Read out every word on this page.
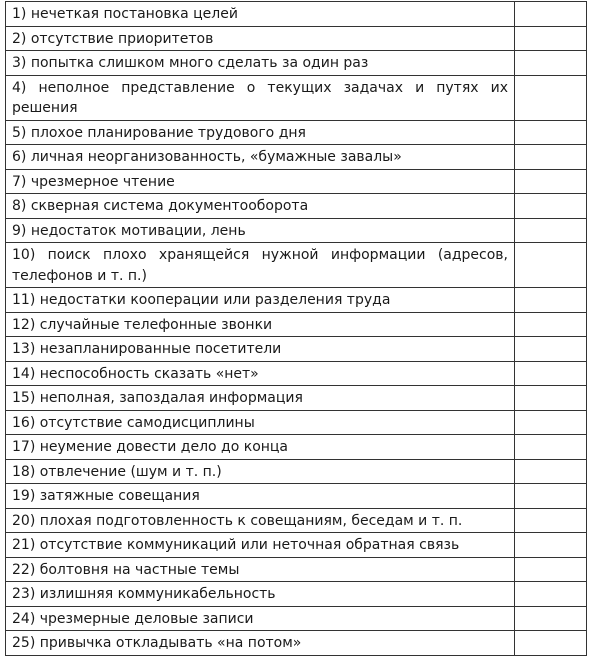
1) нечеткая постановка целей	
2) отсутствие приоритетов	
3) попытка слишком много сделать за один раз	
4) неполное представление о текущих задачах и путях их решения	
5) плохое планирование трудового дня	
6) личная неорганизованность, «бумажные завалы»	
7) чрезмерное чтение	
8) скверная система документооборота	
9) недостаток мотивации, лень	
10) поиск плохо хранящейся нужной информации (адресов, телефонов и т. п.)	
11) недостатки кооперации или разделения труда	
12) случайные телефонные звонки	
13) незапланированные посетители	
14) неспособность сказать «нет»	
15) неполная, запоздалая информация	
16) отсутствие самодисциплины	
17) неумение довести дело до конца	
18) отвлечение (шум и т. п.)	
19) затяжные совещания	
20) плохая подготовленность к совещаниям, беседам и т. п.	
21) отсутствие коммуникаций или неточная обратная связь	
22) болтовня на частные темы	
23) излишняя коммуникабельность	
24) чрезмерные деловые записи	
25) привычка откладывать «на потом»	
